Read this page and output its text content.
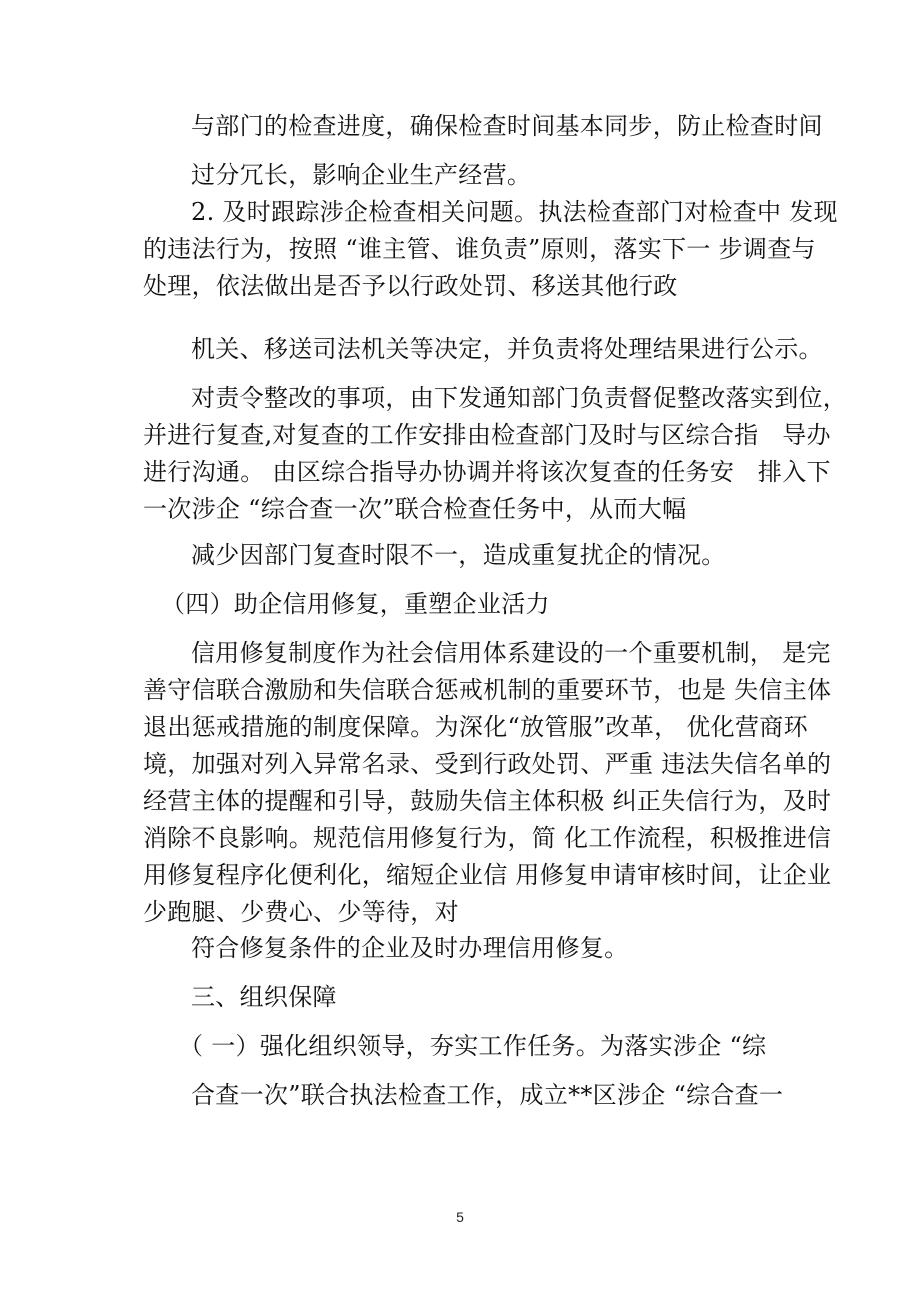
与部门的检查进度，确保检查时间基本同步，防止检查时间
过分冗长，影响企业生产经营。

2. 及时跟踪涉企检查相关问题。执法检查部门对检查中 发现
的违法行为，按照 “谁主管、谁负责”原则，落实下一 步调查与
处理，依法做出是否予以行政处罚、移送其他行政

机关、移送司法机关等决定，并负责将处理结果进行公示。

对责令整改的事项，由下发通知部门负责督促整改落实到位，
并进行复查,对复查的工作安排由检查部门及时与区综合指   导办
进行沟通。 由区综合指导办协调并将该次复查的任务安   排入下
一次涉企 “综合查一次”联合检查任务中，从而大幅

减少因部门复查时限不一，造成重复扰企的情况。

（四）助企信用修复，重塑企业活力

信用修复制度作为社会信用体系建设的一个重要机制， 是完
善守信联合激励和失信联合惩戒机制的重要环节，也是 失信主体
退出惩戒措施的制度保障。为深化“放管服”改革， 优化营商环
境，加强对列入异常名录、受到行政处罚、严重 违法失信名单的
经营主体的提醒和引导，鼓励失信主体积极 纠正失信行为，及时
消除不良影响。规范信用修复行为，简 化工作流程，积极推进信
用修复程序化便利化，缩短企业信 用修复申请审核时间，让企业
少跑腿、少费心、少等待，对

符合修复条件的企业及时办理信用修复。

三、组织保障

（ 一）强化组织领导，夯实工作任务。为落实涉企 “综
合查一次”联合执法检查工作，成立**区涉企 “综合查一

5
